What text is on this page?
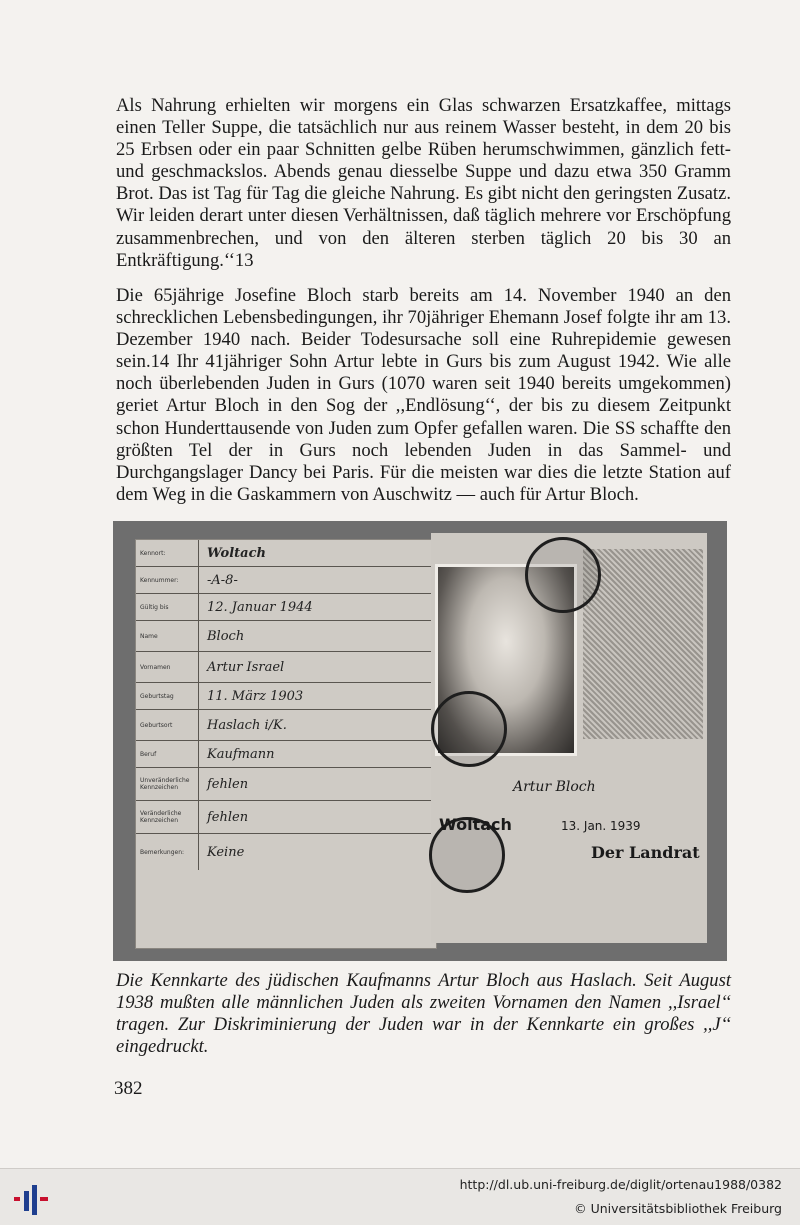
Als Nahrung erhielten wir morgens ein Glas schwarzen Ersatzkaffee, mittags einen Teller Suppe, die tatsächlich nur aus reinem Wasser besteht, in dem 20 bis 25 Erbsen oder ein paar Schnitten gelbe Rüben herumschwimmen, gänzlich fett- und geschmackslos. Abends genau diesselbe Suppe und dazu etwa 350 Gramm Brot. Das ist Tag für Tag die gleiche Nahrung. Es gibt nicht den geringsten Zusatz. Wir leiden derart unter diesen Verhältnissen, daß täglich mehrere vor Erschöpfung zusammenbrechen, und von den älteren sterben täglich 20 bis 30 an Entkräftigung.‘‘13

Die 65jährige Josefine Bloch starb bereits am 14. November 1940 an den schrecklichen Lebensbedingungen, ihr 70jähriger Ehemann Josef folgte ihr am 13. Dezember 1940 nach. Beider Todesursache soll eine Ruhrepidemie gewesen sein.14 Ihr 41jähriger Sohn Artur lebte in Gurs bis zum August 1942. Wie alle noch überlebenden Juden in Gurs (1070 waren seit 1940 bereits umgekommen) geriet Artur Bloch in den Sog der ,,Endlösung‘‘, der bis zu diesem Zeitpunkt schon Hunderttausende von Juden zum Opfer gefallen waren. Die SS schaffte den größten Tel der in Gurs noch lebenden Juden in das Sammel- und Durchgangslager Dancy bei Paris. Für die meisten war dies die letzte Station auf dem Weg in die Gaskammern von Auschwitz — auch für Artur Bloch.

Kennort:	Woltach
Kennummer:	-A-8-
Gültig bis	12. Januar 1944
Name	Bloch
Vornamen	Artur Israel
Geburtstag	11. März 1903
Geburtsort	Haslach i/K.
Beruf	Kaufmann
Unveränderliche Kennzeichen	fehlen
Veränderliche Kennzeichen	fehlen
Bemerkungen:	Keine
Artur Bloch
Woltach	13. Jan. 1939
Der Landrat

Die Kennkarte des jüdischen Kaufmanns Artur Bloch aus Haslach. Seit August 1938 mußten alle männlichen Juden als zweiten Vornamen den Namen ,,Israel‘‘ tragen. Zur Diskriminierung der Juden war in der Kennkarte ein großes ,,J‘‘ eingedruckt.

382
http://dl.ub.uni-freiburg.de/diglit/ortenau1988/0382
© Universitätsbibliothek Freiburg
